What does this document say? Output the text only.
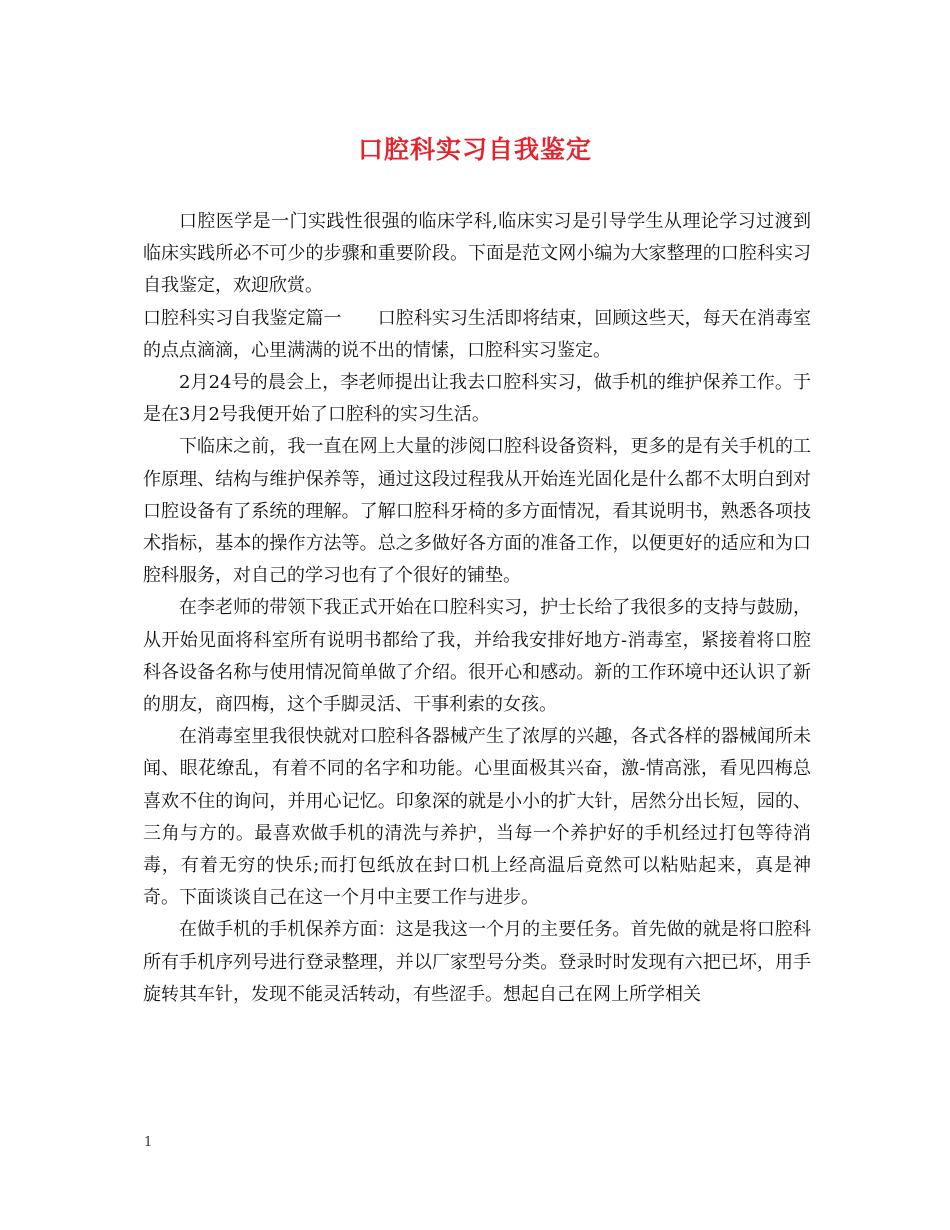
口腔科实习自我鉴定

口腔医学是一门实践性很强的临床学科,临床实习是引导学生从理论学习过渡到临床实践所必不可少的步骤和重要阶段。下面是范文网小编为大家整理的口腔科实习自我鉴定，欢迎欣赏。

口腔科实习自我鉴定篇一　　口腔科实习生活即将结束，回顾这些天，每天在消毒室的点点滴滴，心里满满的说不出的情愫，口腔科实习鉴定。

2月24号的晨会上，李老师提出让我去口腔科实习，做手机的维护保养工作。于是在3月2号我便开始了口腔科的实习生活。

下临床之前，我一直在网上大量的涉阅口腔科设备资料，更多的是有关手机的工作原理、结构与维护保养等，通过这段过程我从开始连光固化是什么都不太明白到对口腔设备有了系统的理解。了解口腔科牙椅的多方面情况，看其说明书，熟悉各项技术指标，基本的操作方法等。总之多做好各方面的准备工作，以便更好的适应和为口腔科服务，对自己的学习也有了个很好的铺垫。

在李老师的带领下我正式开始在口腔科实习，护士长给了我很多的支持与鼓励，从开始见面将科室所有说明书都给了我，并给我安排好地方-消毒室，紧接着将口腔科各设备名称与使用情况简单做了介绍。很开心和感动。新的工作环境中还认识了新的朋友，商四梅，这个手脚灵活、干事利索的女孩。

在消毒室里我很快就对口腔科各器械产生了浓厚的兴趣，各式各样的器械闻所未闻、眼花缭乱，有着不同的名字和功能。心里面极其兴奋，激-情高涨，看见四梅总喜欢不住的询问，并用心记忆。印象深的就是小小的扩大针，居然分出长短，园的、三角与方的。最喜欢做手机的清洗与养护，当每一个养护好的手机经过打包等待消毒，有着无穷的快乐;而打包纸放在封口机上经高温后竟然可以粘贴起来，真是神奇。下面谈谈自己在这一个月中主要工作与进步。

在做手机的手机保养方面：这是我这一个月的主要任务。首先做的就是将口腔科所有手机序列号进行登录整理，并以厂家型号分类。登录时时发现有六把已坏，用手旋转其车针，发现不能灵活转动，有些涩手。想起自己在网上所学相关

1
